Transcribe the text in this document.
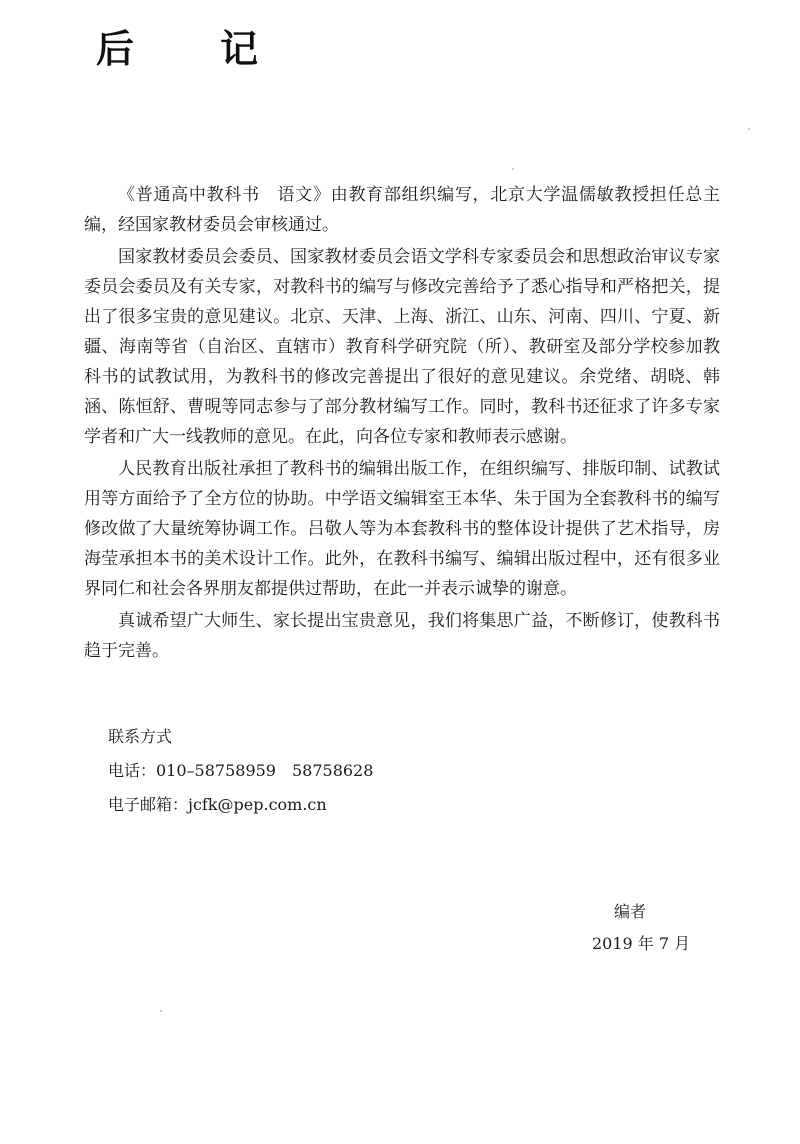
后　记

《普通高中教科书　语文》由教育部组织编写，北京大学温儒敏教授担任总主编，经国家教材委员会审核通过。

国家教材委员会委员、国家教材委员会语文学科专家委员会和思想政治审议专家委员会委员及有关专家，对教科书的编写与修改完善给予了悉心指导和严格把关，提出了很多宝贵的意见建议。北京、天津、上海、浙江、山东、河南、四川、宁夏、新疆、海南等省（自治区、直辖市）教育科学研究院（所）、教研室及部分学校参加教科书的试教试用，为教科书的修改完善提出了很好的意见建议。余党绪、胡晓、韩涵、陈恒舒、曹晛等同志参与了部分教材编写工作。同时，教科书还征求了许多专家学者和广大一线教师的意见。在此，向各位专家和教师表示感谢。

人民教育出版社承担了教科书的编辑出版工作，在组织编写、排版印制、试教试用等方面给予了全方位的协助。中学语文编辑室王本华、朱于国为全套教科书的编写修改做了大量统筹协调工作。吕敬人等为本套教科书的整体设计提供了艺术指导，房海莹承担本书的美术设计工作。此外，在教科书编写、编辑出版过程中，还有很多业界同仁和社会各界朋友都提供过帮助，在此一并表示诚挚的谢意。

真诚希望广大师生、家长提出宝贵意见，我们将集思广益，不断修订，使教科书趋于完善。

联系方式
电话：010–58758959　58758628
电子邮箱：jcfk@pep.com.cn
编者
2019 年 7 月
